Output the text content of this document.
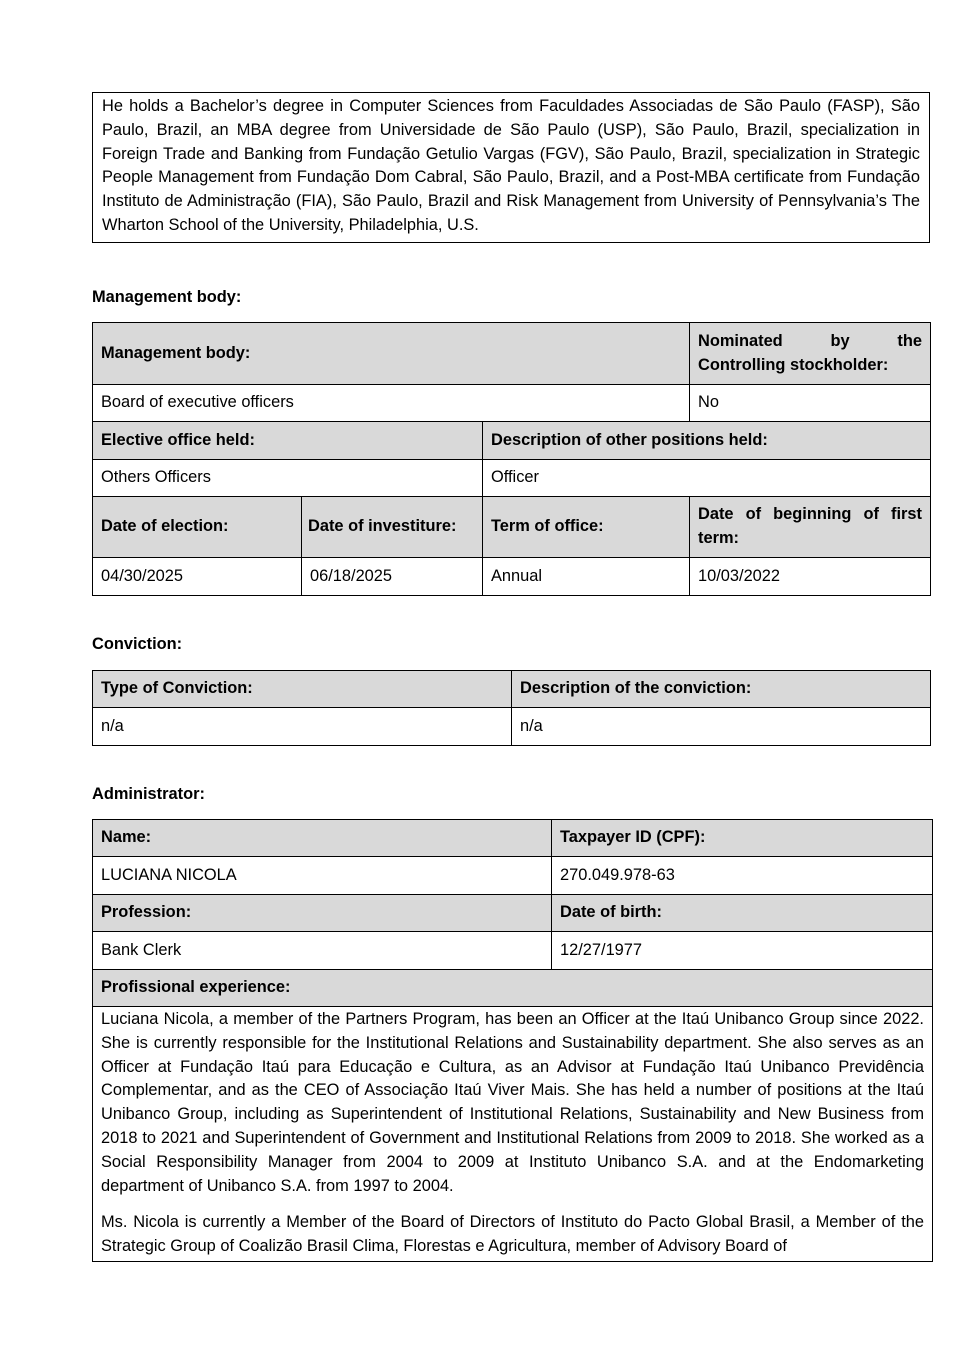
He holds a Bachelor’s degree in Computer Sciences from Faculdades Associadas de São Paulo (FASP), São Paulo, Brazil, an MBA degree from Universidade de São Paulo (USP), São Paulo, Brazil, specialization in Foreign Trade and Banking from Fundação Getulio Vargas (FGV), São Paulo, Brazil, specialization in Strategic People Management from Fundação Dom Cabral, São Paulo, Brazil, and a Post-MBA certificate from Fundação Instituto de Administração (FIA), São Paulo, Brazil and Risk Management from University of Pennsylvania’s The Wharton School of the University, Philadelphia, U.S.
Management body:
Management body:			Nominated by the Controlling stockholder:
Board of executive officers			No
Elective office held:		Description of other positions held:	
Others Officers		Officer	
Date of election:	Date of investiture:	Term of office:	Date of beginning of first term:
04/30/2025	06/18/2025	Annual	10/03/2022
Conviction:
Type of Conviction:	Description of the conviction:
n/a	n/a
Administrator:
Name:	Taxpayer ID (CPF):
LUCIANA NICOLA	270.049.978-63
Profession:	Date of birth:
Bank Clerk	12/27/1977
Profissional experience:	

Luciana Nicola, a member of the Partners Program, has been an Officer at the Itaú Unibanco Group since 2022. She is currently responsible for the Institutional Relations and Sustainability department. She also serves as an Officer at Fundação Itaú para Educação e Cultura, as an Advisor at Fundação Itaú Unibanco Previdência Complementar, and as the CEO of Associação Itaú Viver Mais. She has held a number of positions at the Itaú Unibanco Group, including as Superintendent of Institutional Relations, Sustainability and New Business from 2018 to 2021 and Superintendent of Government and Institutional Relations from 2009 to 2018. She worked as a Social Responsibility Manager from 2004 to 2009 at Instituto Unibanco S.A. and at the Endomarketing department of Unibanco S.A. from 1997 to 2004.

Ms. Nicola is currently a Member of the Board of Directors of Instituto do Pacto Global Brasil, a Member of the Strategic Group of Coalizão Brasil Clima, Florestas e Agricultura, member of Advisory Board of	
